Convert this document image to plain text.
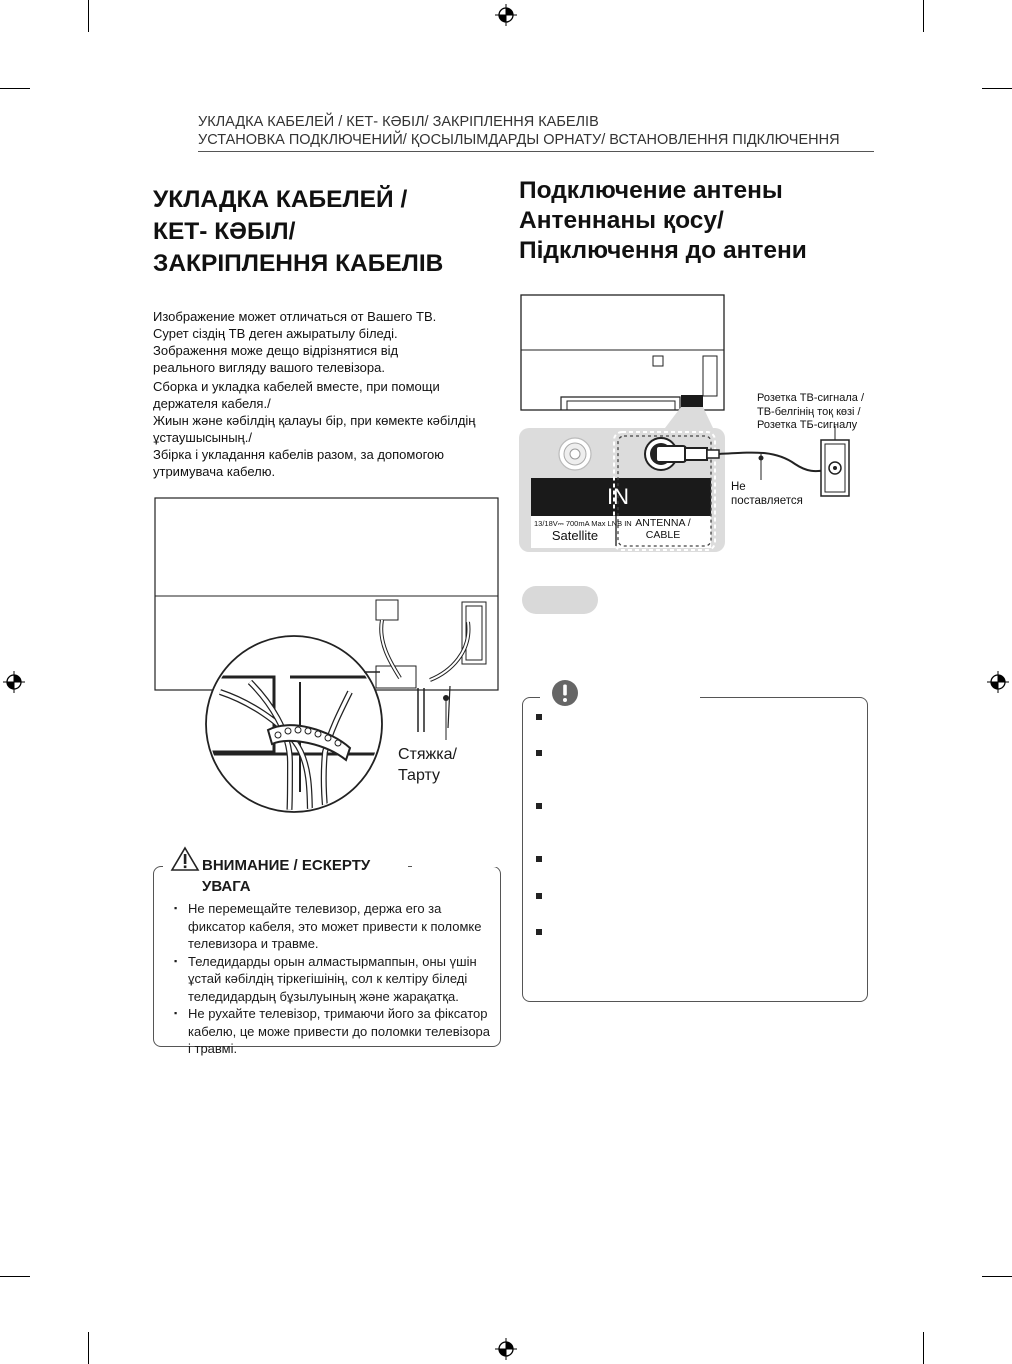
УКЛАДКА КАБЕЛЕЙ / КЕТ- КӘБІЛ/ ЗАКРІПЛЕННЯ КАБЕЛІВ
УСТАНОВКА ПОДКЛЮЧЕНИЙ/ ҚОСЫЛЫМДАРДЫ ОРНАТУ/ ВСТАНОВЛЕННЯ ПІДКЛЮЧЕННЯ
УКЛАДКА КАБЕЛЕЙ /
КЕТ- КӘБІЛ/
ЗАКРІПЛЕННЯ КАБЕЛІВ
Изображение может отличаться от Вашего ТВ.
Сурет сіздің ТВ деген ажыратылу біледі.
Зображення може дещо відрізнятися від
реального вигляду вашого телевізора.
Сборка и укладка кабелей вместе, при помощи
держателя кабеля./
Жиын және кәбілдің қалауы бір, при көмекте кәбілдің
ұстаушысының./
Збірка і укладання кабелів разом, за допомогою
утримувача кабелю.
Стяжка/
Тарту
ВНИМАНИЕ / ЕСКЕРТУ
УВАГА
▪ Не перемещайте телевизор, держа его за фиксатор кабеля, это может привести к поломке телевизора и травме.
▪ Теледидарды орын алмастырмаппын, оны үшін ұстай кәбілдің тіркегішінің, сол к келтіру біледі теледидардың бұзылуының және жарақатқа.
▪ Не рухайте телевізор, тримаючи його за фіксатор кабелю, це може привести до поломки телевізора і травмі.
Подключение антены
Антеннаны қосу/
Підключення до антени
IN
13/18V⎓ 700mA Max LNB IN
Satellite
ANTENNA /
CABLE
Розетка ТВ-сигнала /
ТВ-белгінің тоқ көзі /
Розетка ТБ-сигналу
Не
поставляется
